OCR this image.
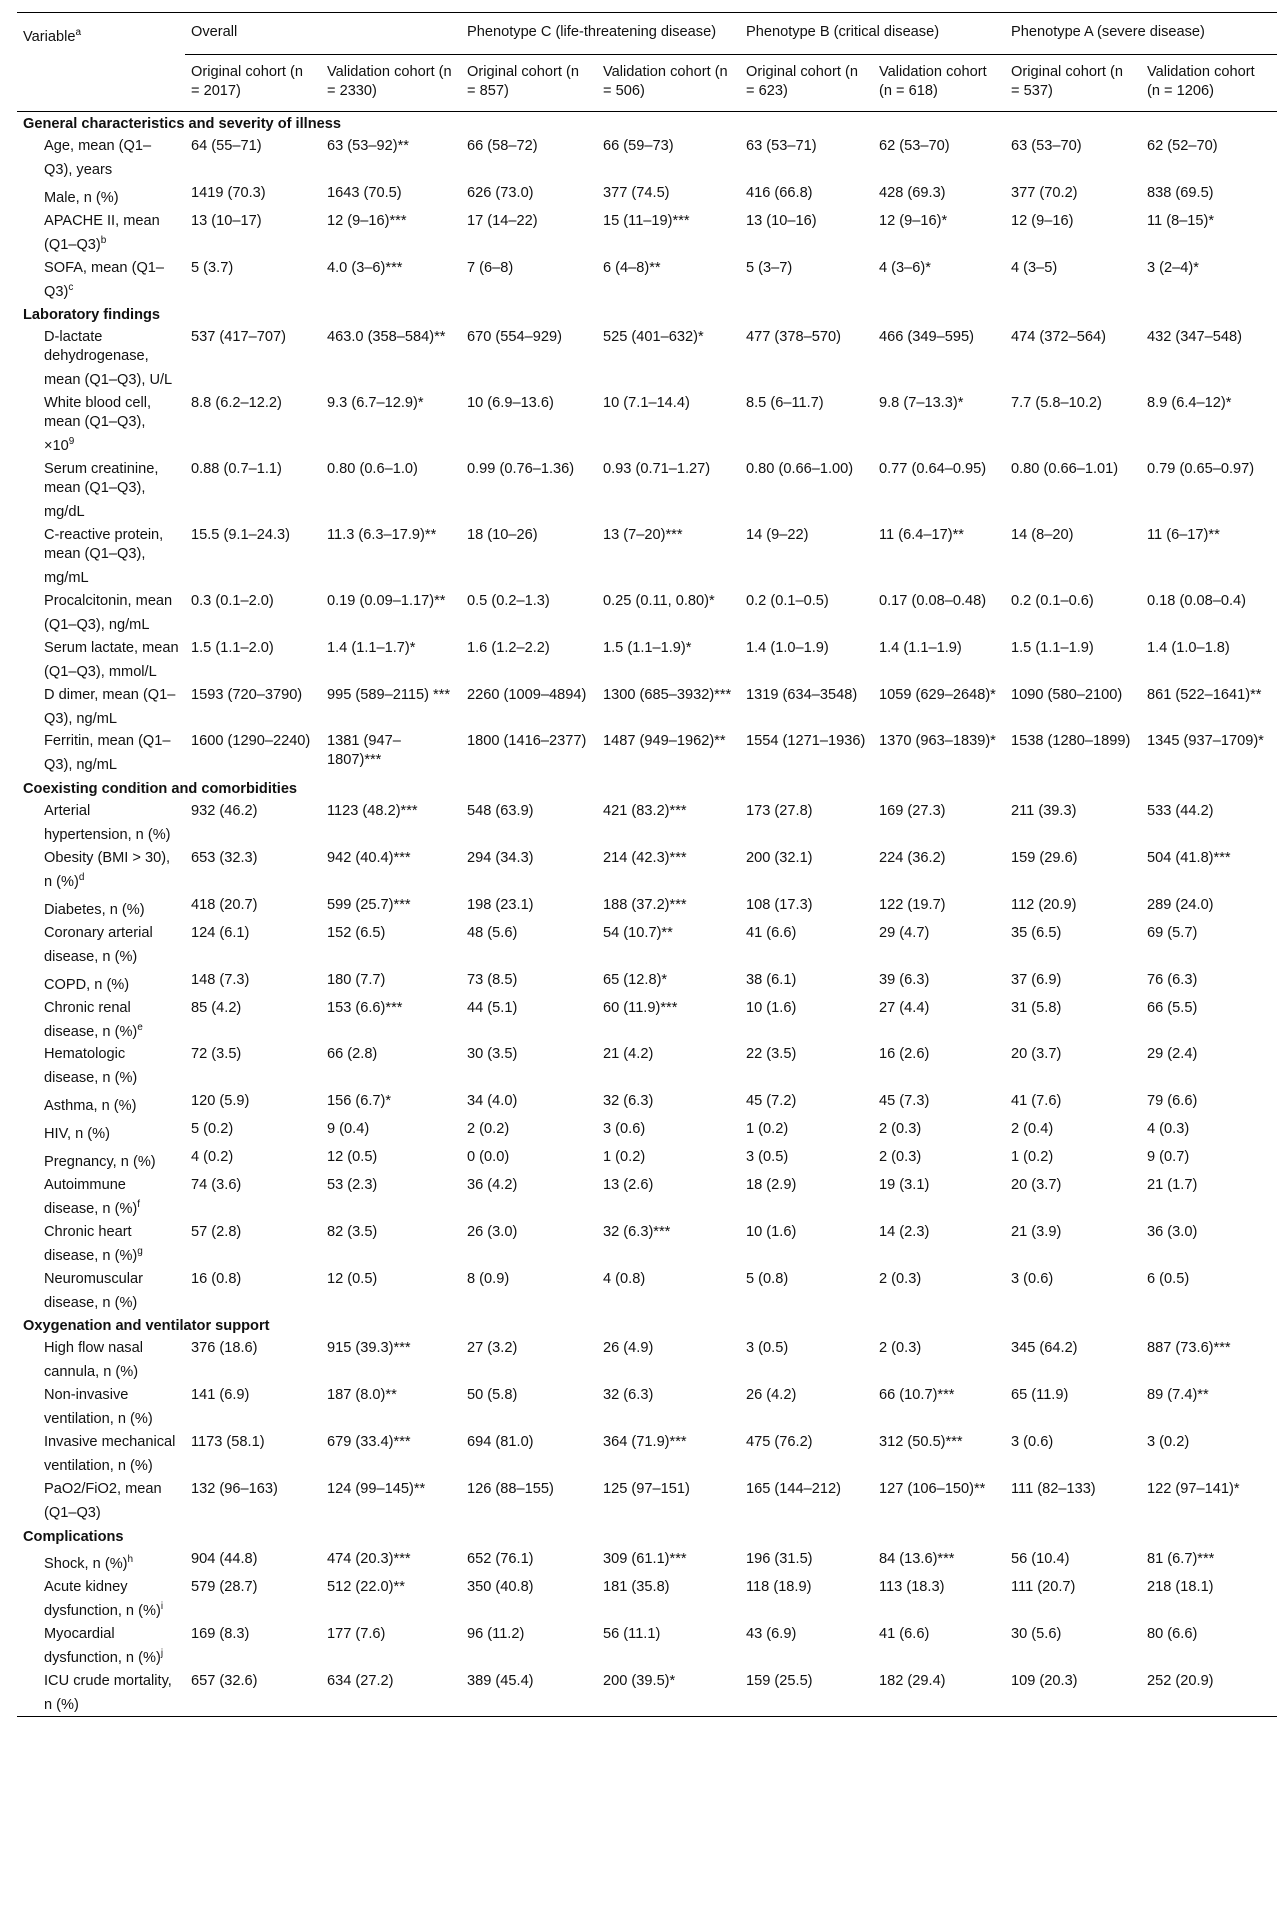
Variable$^a$	Overall		Phenotype C (life-threatening disease)		Phenotype B (critical disease)		Phenotype A (severe disease)	
	Original cohort (n = 2017)	Validation cohort (n = 2330)	Original cohort (n = 857)	Validation cohort (n = 506)	Original cohort (n = 623)	Validation cohort (n = 618)	Original cohort (n = 537)	Validation cohort (n = 1206)
General characteristics and severity of illness								
Age, mean (Q1–Q3), years	64 (55–71)	63 (53–92)**	66 (58–72)	66 (59–73)	63 (53–71)	62 (53–70)	63 (53–70)	62 (52–70)
Male, n (%)	1419 (70.3)	1643 (70.5)	626 (73.0)	377 (74.5)	416 (66.8)	428 (69.3)	377 (70.2)	838 (69.5)
APACHE II, mean $(Q1-Q3)^b$	13 (10–17)	12 (9–16)***	17 (14–22)	15 (11–19)***	13 (10–16)	12 (9–16)*	12 (9–16)	11 (8–15)*
SOFA, mean $(Q1-Q3)^c$	5 (3.7)	4.0 (3–6)***	7 (6–8)	6 (4–8)**	5 (3–7)	4 (3–6)*	4 (3–5)	3 (2–4)*
Laboratory findings								
D-lactate dehydrogenase, mean (Q1–Q3), U/L	537 (417–707)	463.0 (358–584)**	670 (554–929)	525 (401–632)*	477 (378–570)	466 (349–595)	474 (372–564)	432 (347–548)
White blood cell, mean (Q1–Q3), $\times 10^9$	8.8 (6.2–12.2)	9.3 (6.7–12.9)*	10 (6.9–13.6)	10 (7.1–14.4)	8.5 (6–11.7)	9.8 (7–13.3)*	7.7 (5.8–10.2)	8.9 (6.4–12)*
Serum creatinine, mean (Q1–Q3), mg/dL	0.88 (0.7–1.1)	0.80 (0.6–1.0)	0.99 (0.76–1.36)	0.93 (0.71–1.27)	0.80 (0.66–1.00)	0.77 (0.64–0.95)	0.80 (0.66–1.01)	0.79 (0.65–0.97)
C-reactive protein, mean (Q1–Q3), mg/mL	15.5 (9.1–24.3)	11.3 (6.3–17.9)**	18 (10–26)	13 (7–20)***	14 (9–22)	11 (6.4–17)**	14 (8–20)	11 (6–17)**
Procalcitonin, mean (Q1–Q3), ng/mL	0.3 (0.1–2.0)	0.19 (0.09–1.17)**	0.5 (0.2–1.3)	0.25 (0.11, 0.80)*	0.2 (0.1–0.5)	0.17 (0.08–0.48)	0.2 (0.1–0.6)	0.18 (0.08–0.4)
Serum lactate, mean (Q1–Q3), mmol/L	1.5 (1.1–2.0)	1.4 (1.1–1.7)*	1.6 (1.2–2.2)	1.5 (1.1–1.9)*	1.4 (1.0–1.9)	1.4 (1.1–1.9)	1.5 (1.1–1.9)	1.4 (1.0–1.8)
D dimer, mean (Q1–Q3), ng/mL	1593 (720–3790)	995 (589–2115) ***	2260 (1009–4894)	1300 (685–3932)***	1319 (634–3548)	1059 (629–2648)*	1090 (580–2100)	861 (522–1641)**
Ferritin, mean (Q1–Q3), ng/mL	1600 (1290–2240)	1381 (947–1807)***	1800 (1416–2377)	1487 (949–1962)**	1554 (1271–1936)	1370 (963–1839)*	1538 (1280–1899)	1345 (937–1709)*
Coexisting condition and comorbidities								
Arterial hypertension, n (%)	932 (46.2)	1123 (48.2)***	548 (63.9)	421 (83.2)***	173 (27.8)	169 (27.3)	211 (39.3)	533 (44.2)
Obesity (BMI > 30), n (%)$^d$	653 (32.3)	942 (40.4)***	294 (34.3)	214 (42.3)***	200 (32.1)	224 (36.2)	159 (29.6)	504 (41.8)***
Diabetes, n (%)	418 (20.7)	599 (25.7)***	198 (23.1)	188 (37.2)***	108 (17.3)	122 (19.7)	112 (20.9)	289 (24.0)
Coronary arterial disease, n (%)	124 (6.1)	152 (6.5)	48 (5.6)	54 (10.7)**	41 (6.6)	29 (4.7)	35 (6.5)	69 (5.7)
COPD, n (%)	148 (7.3)	180 (7.7)	73 (8.5)	65 (12.8)*	38 (6.1)	39 (6.3)	37 (6.9)	76 (6.3)
Chronic renal disease, n (%)$^e$	85 (4.2)	153 (6.6)***	44 (5.1)	60 (11.9)***	10 (1.6)	27 (4.4)	31 (5.8)	66 (5.5)
Hematologic disease, n (%)	72 (3.5)	66 (2.8)	30 (3.5)	21 (4.2)	22 (3.5)	16 (2.6)	20 (3.7)	29 (2.4)
Asthma, n (%)	120 (5.9)	156 (6.7)*	34 (4.0)	32 (6.3)	45 (7.2)	45 (7.3)	41 (7.6)	79 (6.6)
HIV, n (%)	5 (0.2)	9 (0.4)	2 (0.2)	3 (0.6)	1 (0.2)	2 (0.3)	2 (0.4)	4 (0.3)
Pregnancy, n (%)	4 (0.2)	12 (0.5)	0 (0.0)	1 (0.2)	3 (0.5)	2 (0.3)	1 (0.2)	9 (0.7)
Autoimmune disease, n (%)$^f$	74 (3.6)	53 (2.3)	36 (4.2)	13 (2.6)	18 (2.9)	19 (3.1)	20 (3.7)	21 (1.7)
Chronic heart disease, n (%)$^g$	57 (2.8)	82 (3.5)	26 (3.0)	32 (6.3)***	10 (1.6)	14 (2.3)	21 (3.9)	36 (3.0)
Neuromuscular disease, n (%)	16 (0.8)	12 (0.5)	8 (0.9)	4 (0.8)	5 (0.8)	2 (0.3)	3 (0.6)	6 (0.5)
Oxygenation and ventilator support								
High flow nasal cannula, n (%)	376 (18.6)	915 (39.3)***	27 (3.2)	26 (4.9)	3 (0.5)	2 (0.3)	345 (64.2)	887 (73.6)***
Non-invasive ventilation, n (%)	141 (6.9)	187 (8.0)**	50 (5.8)	32 (6.3)	26 (4.2)	66 (10.7)***	65 (11.9)	89 (7.4)**
Invasive mechanical ventilation, n (%)	1173 (58.1)	679 (33.4)***	694 (81.0)	364 (71.9)***	475 (76.2)	312 (50.5)***	3 (0.6)	3 (0.2)
PaO2/FiO2, mean (Q1–Q3)	132 (96–163)	124 (99–145)**	126 (88–155)	125 (97–151)	165 (144–212)	127 (106–150)**	111 (82–133)	122 (97–141)*
Complications								
Shock, n (%)$^h$	904 (44.8)	474 (20.3)***	652 (76.1)	309 (61.1)***	196 (31.5)	84 (13.6)***	56 (10.4)	81 (6.7)***
Acute kidney dysfunction, n (%)$^i$	579 (28.7)	512 (22.0)**	350 (40.8)	181 (35.8)	118 (18.9)	113 (18.3)	111 (20.7)	218 (18.1)
Myocardial dysfunction, n (%)$^j$	169 (8.3)	177 (7.6)	96 (11.2)	56 (11.1)	43 (6.9)	41 (6.6)	30 (5.6)	80 (6.6)
ICU crude mortality, n (%)	657 (32.6)	634 (27.2)	389 (45.4)	200 (39.5)*	159 (25.5)	182 (29.4)	109 (20.3)	252 (20.9)
